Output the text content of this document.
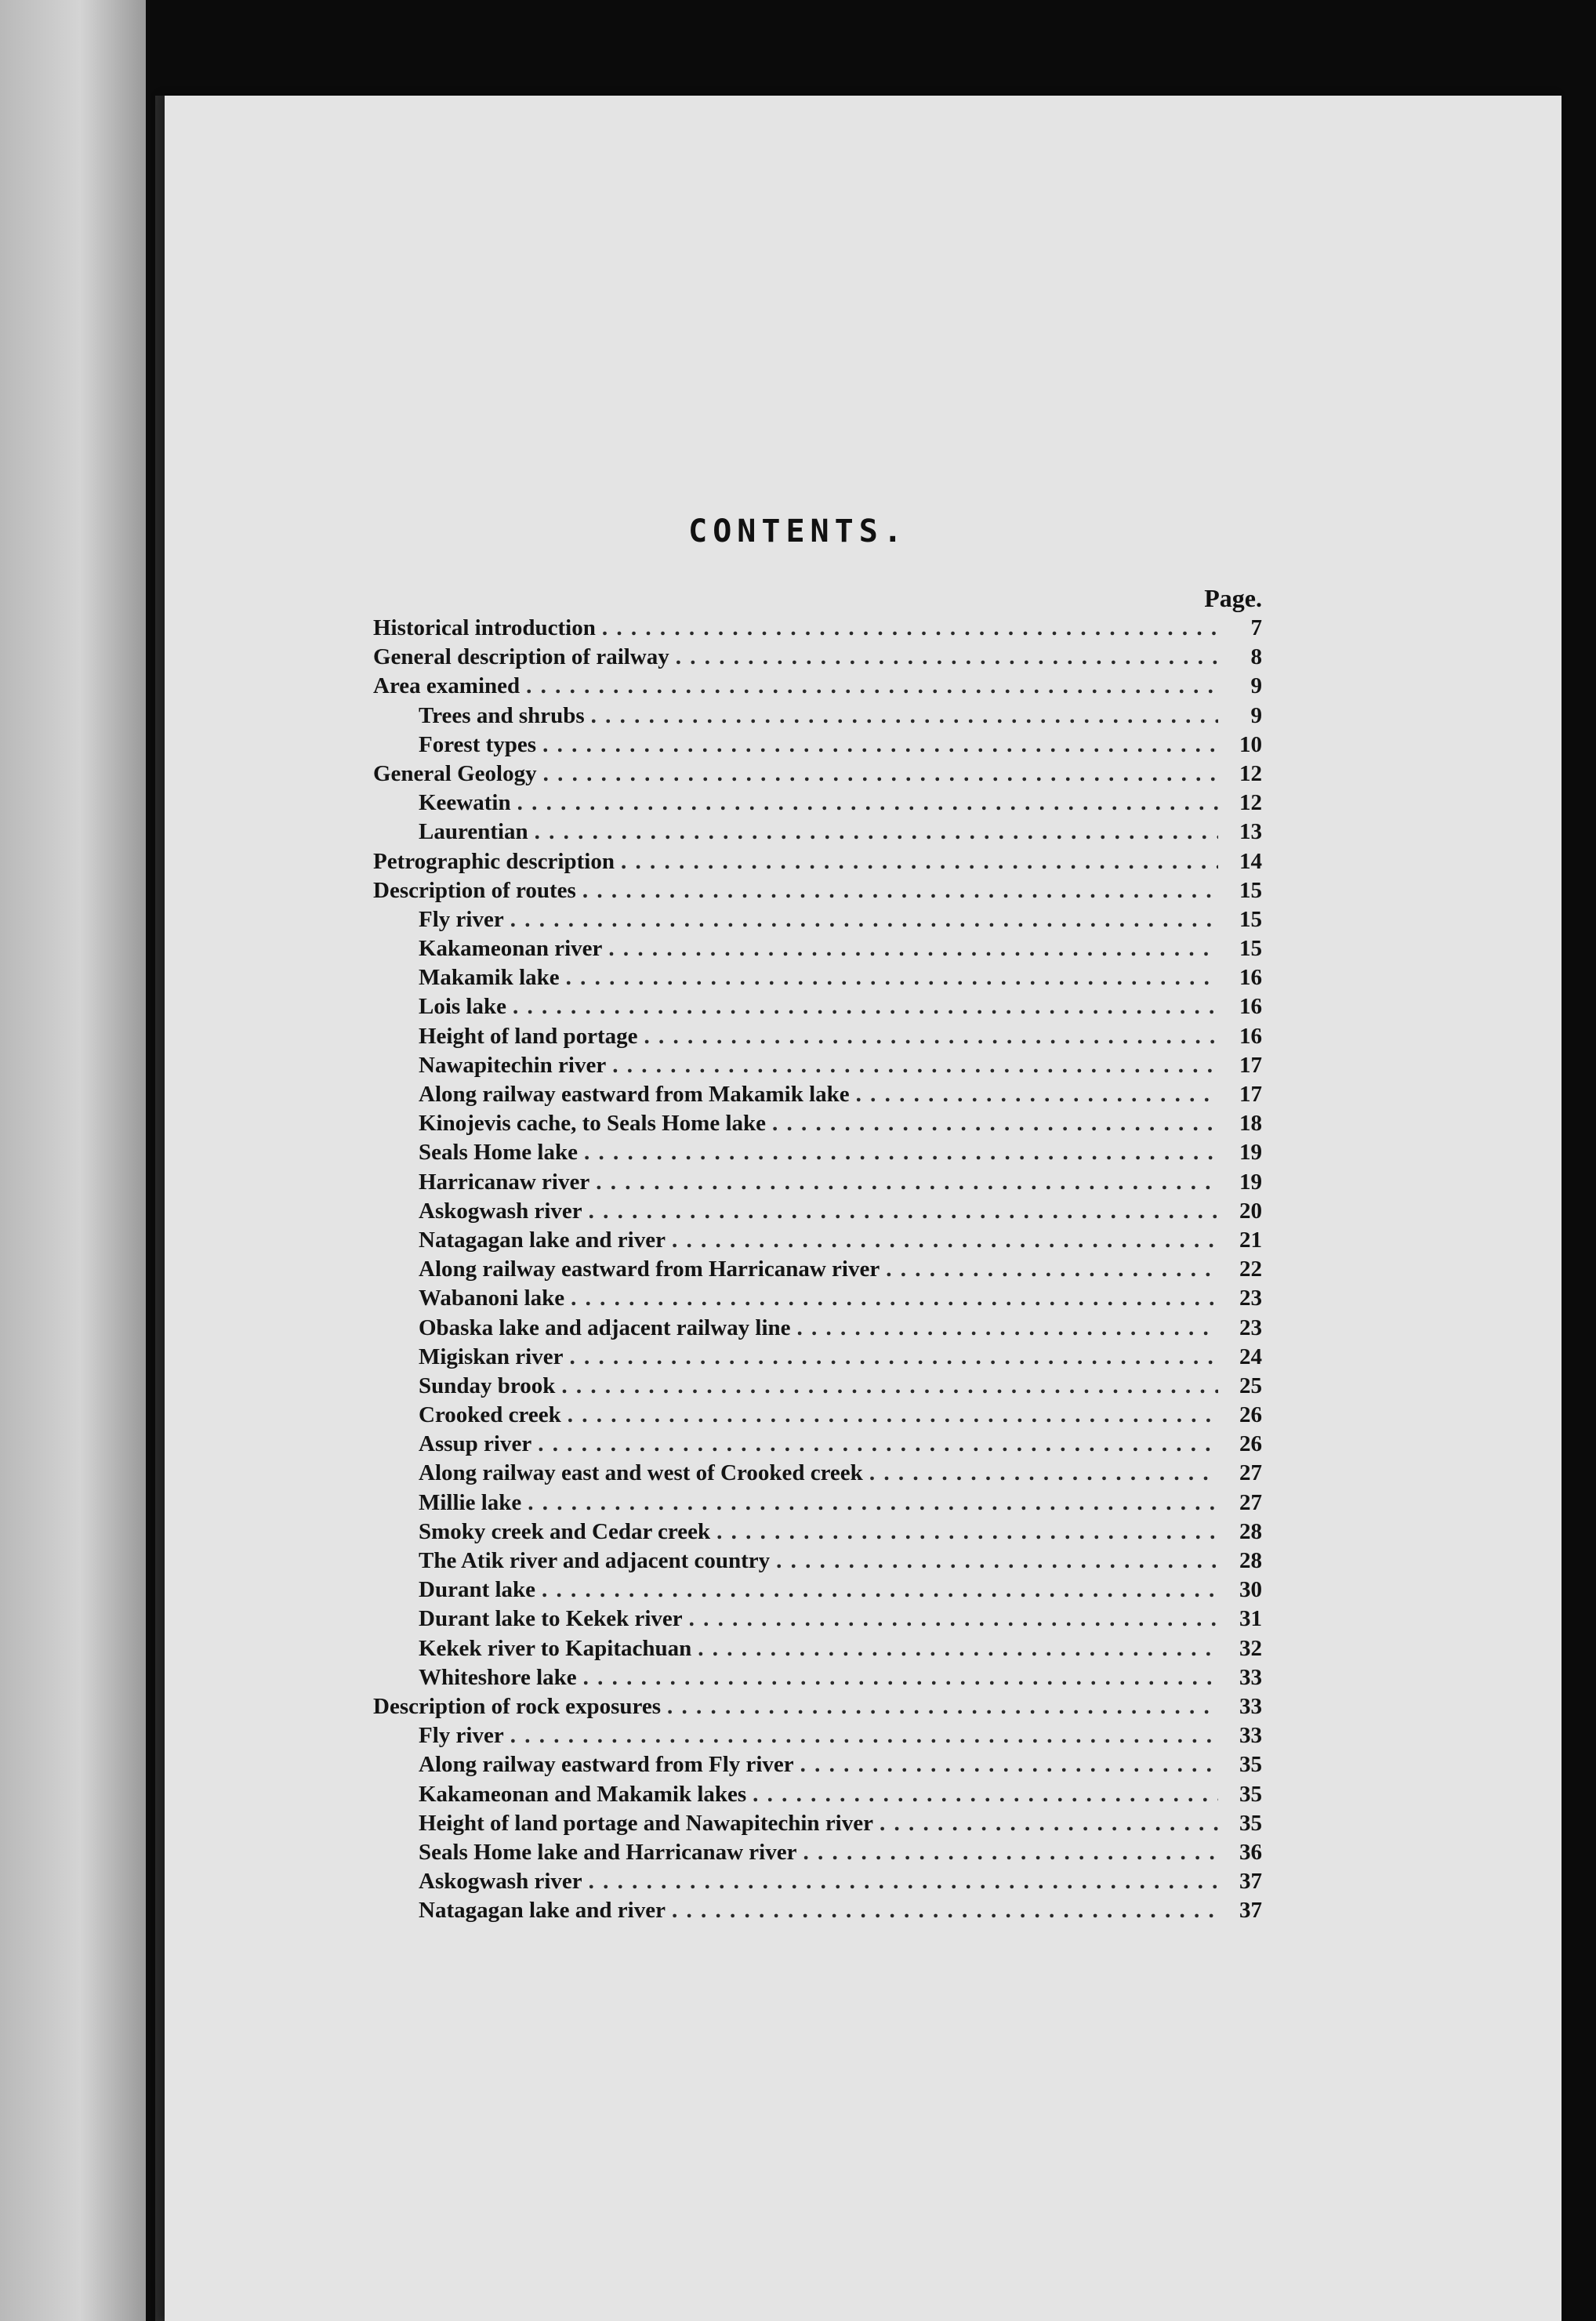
CONTENTS.
Page.
Historical introduction . . .	7
General description of railway . . .	8
Area examined . . .	9
Trees and shrubs . . .	9
Forest types . . .	10
General Geology . . .	12
Keewatin . . .	12
Laurentian . . .	13
Petrographic description . . .	14
Description of routes . . .	15
Fly river . . .	15
Kakameonan river . . .	15
Makamik lake . . .	16
Lois lake . . .	16
Height of land portage . . .	16
Nawapitechin river . . .	17
Along railway eastward from Makamik lake . . .	17
Kinojevis cache, to Seals Home lake . . .	18
Seals Home lake . . .	19
Harricanaw river . . .	19
Askogwash river . . .	20
Natagagan lake and river . . .	21
Along railway eastward from Harricanaw river . . .	22
Wabanoni lake . . .	23
Obaska lake and adjacent railway line . . .	23
Migiskan river . . .	24
Sunday brook . . .	25
Crooked creek . . .	26
Assup river . . .	26
Along railway east and west of Crooked creek . . .	27
Millie lake . . .	27
Smoky creek and Cedar creek . . .	28
The Atik river and adjacent country . . .	28
Durant lake . . .	30
Durant lake to Kekek river . . .	31
Kekek river to Kapitachuan . . .	32
Whiteshore lake . . .	33
Description of rock exposures . . .	33
Fly river . . .	33
Along railway eastward from Fly river . . .	35
Kakameonan and Makamik lakes . . .	35
Height of land portage and Nawapitechin river . . .	35
Seals Home lake and Harricanaw river . . .	36
Askogwash river . . .	37
Natagagan lake and river . . .	37
